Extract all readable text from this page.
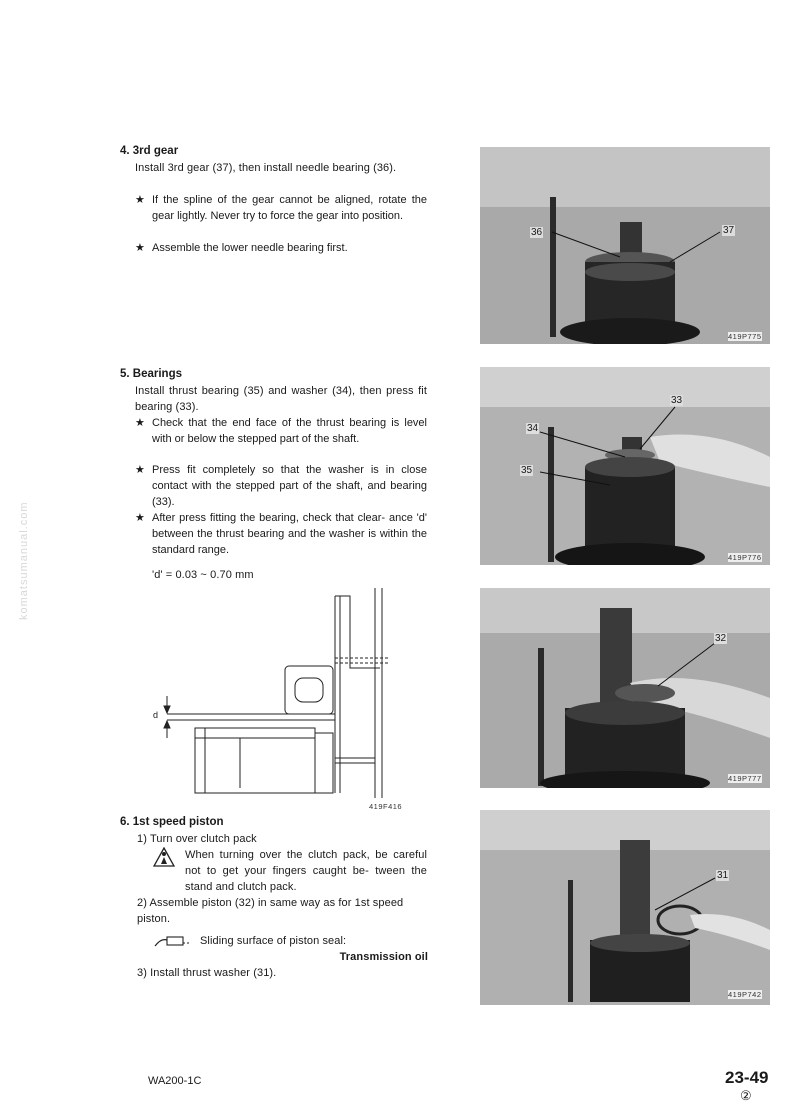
komatsumanual.com
4. 3rd gear
Install 3rd gear (37), then install needle bearing (36).
★ If the spline of the gear cannot be aligned, rotate the gear lightly. Never try to force the gear into position.
★ Assemble the lower needle bearing first.
36	37
419P775
5. Bearings
Install thrust bearing (35) and washer (34), then press fit bearing (33).
★ Check that the end face of the thrust bearing is level with or below the stepped part of the shaft.
★ Press fit completely so that the washer is in close contact with the stepped part of the shaft, and bearing (33).
★ After press fitting the bearing, check that clear- ance 'd' between the thrust bearing and the washer is within the standard range.
'd' = 0.03 ~ 0.70 mm
33
34
35
419P776
d
419F416
32
419P777
6. 1st speed piston
1) Turn over clutch pack
When turning over the clutch pack, be careful not to get your fingers caught be- tween the stand and clutch pack.
2) Assemble piston (32) in same way as for 1st speed piston.
Sliding surface of piston seal:
Transmission oil
3) Install thrust washer (31).
31
419P742
WA200-1C	23-49
②
